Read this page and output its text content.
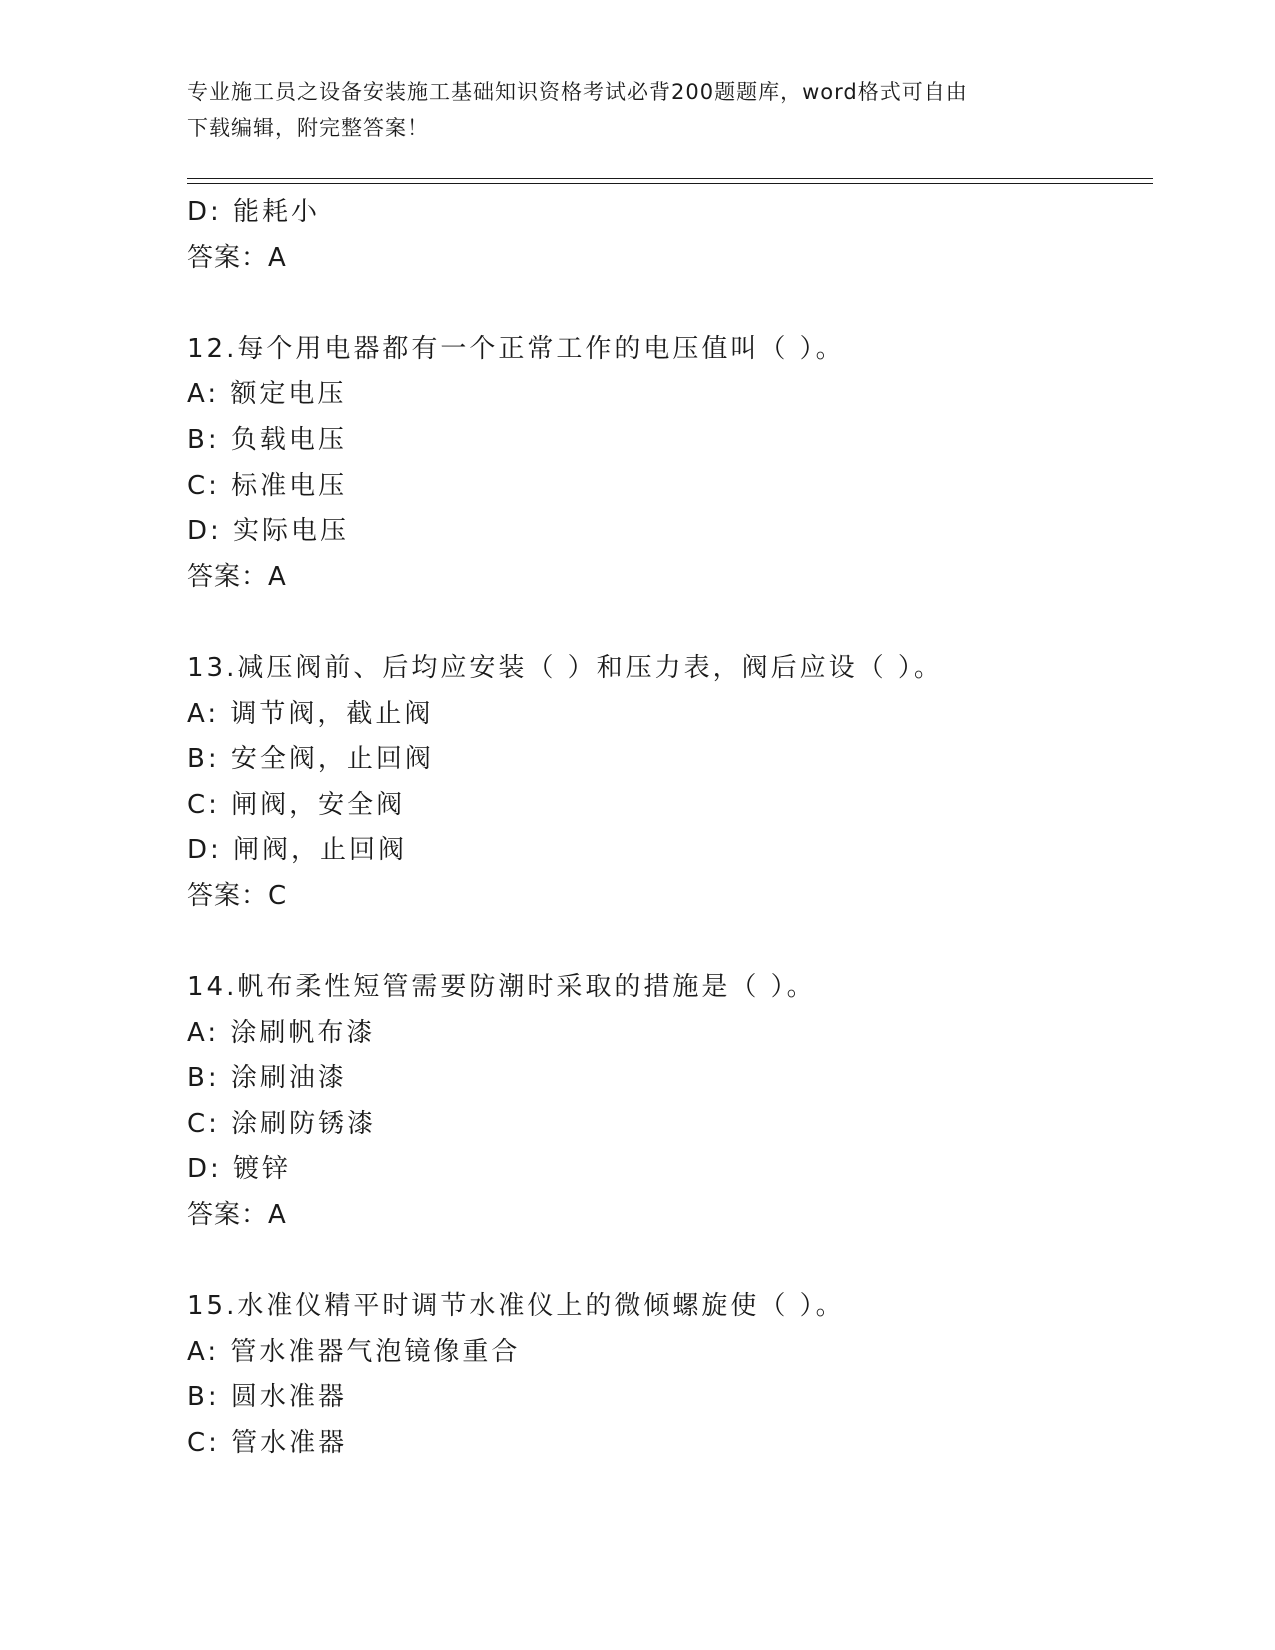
专业施工员之设备安装施工基础知识资格考试必背200题题库，word格式可自由
下载编辑，附完整答案！
D: 能耗小
答案：A
12.每个用电器都有一个正常工作的电压值叫（ ）。
A: 额定电压
B: 负载电压
C: 标准电压
D: 实际电压
答案：A
13.减压阀前、后均应安装（ ）和压力表，阀后应设（ ）。
A: 调节阀，截止阀
B: 安全阀，止回阀
C: 闸阀，安全阀
D: 闸阀，止回阀
答案：C
14.帆布柔性短管需要防潮时采取的措施是（ ）。
A: 涂刷帆布漆
B: 涂刷油漆
C: 涂刷防锈漆
D: 镀锌
答案：A
15.水准仪精平时调节水准仪上的微倾螺旋使（ ）。
A: 管水准器气泡镜像重合
B: 圆水准器
C: 管水准器
